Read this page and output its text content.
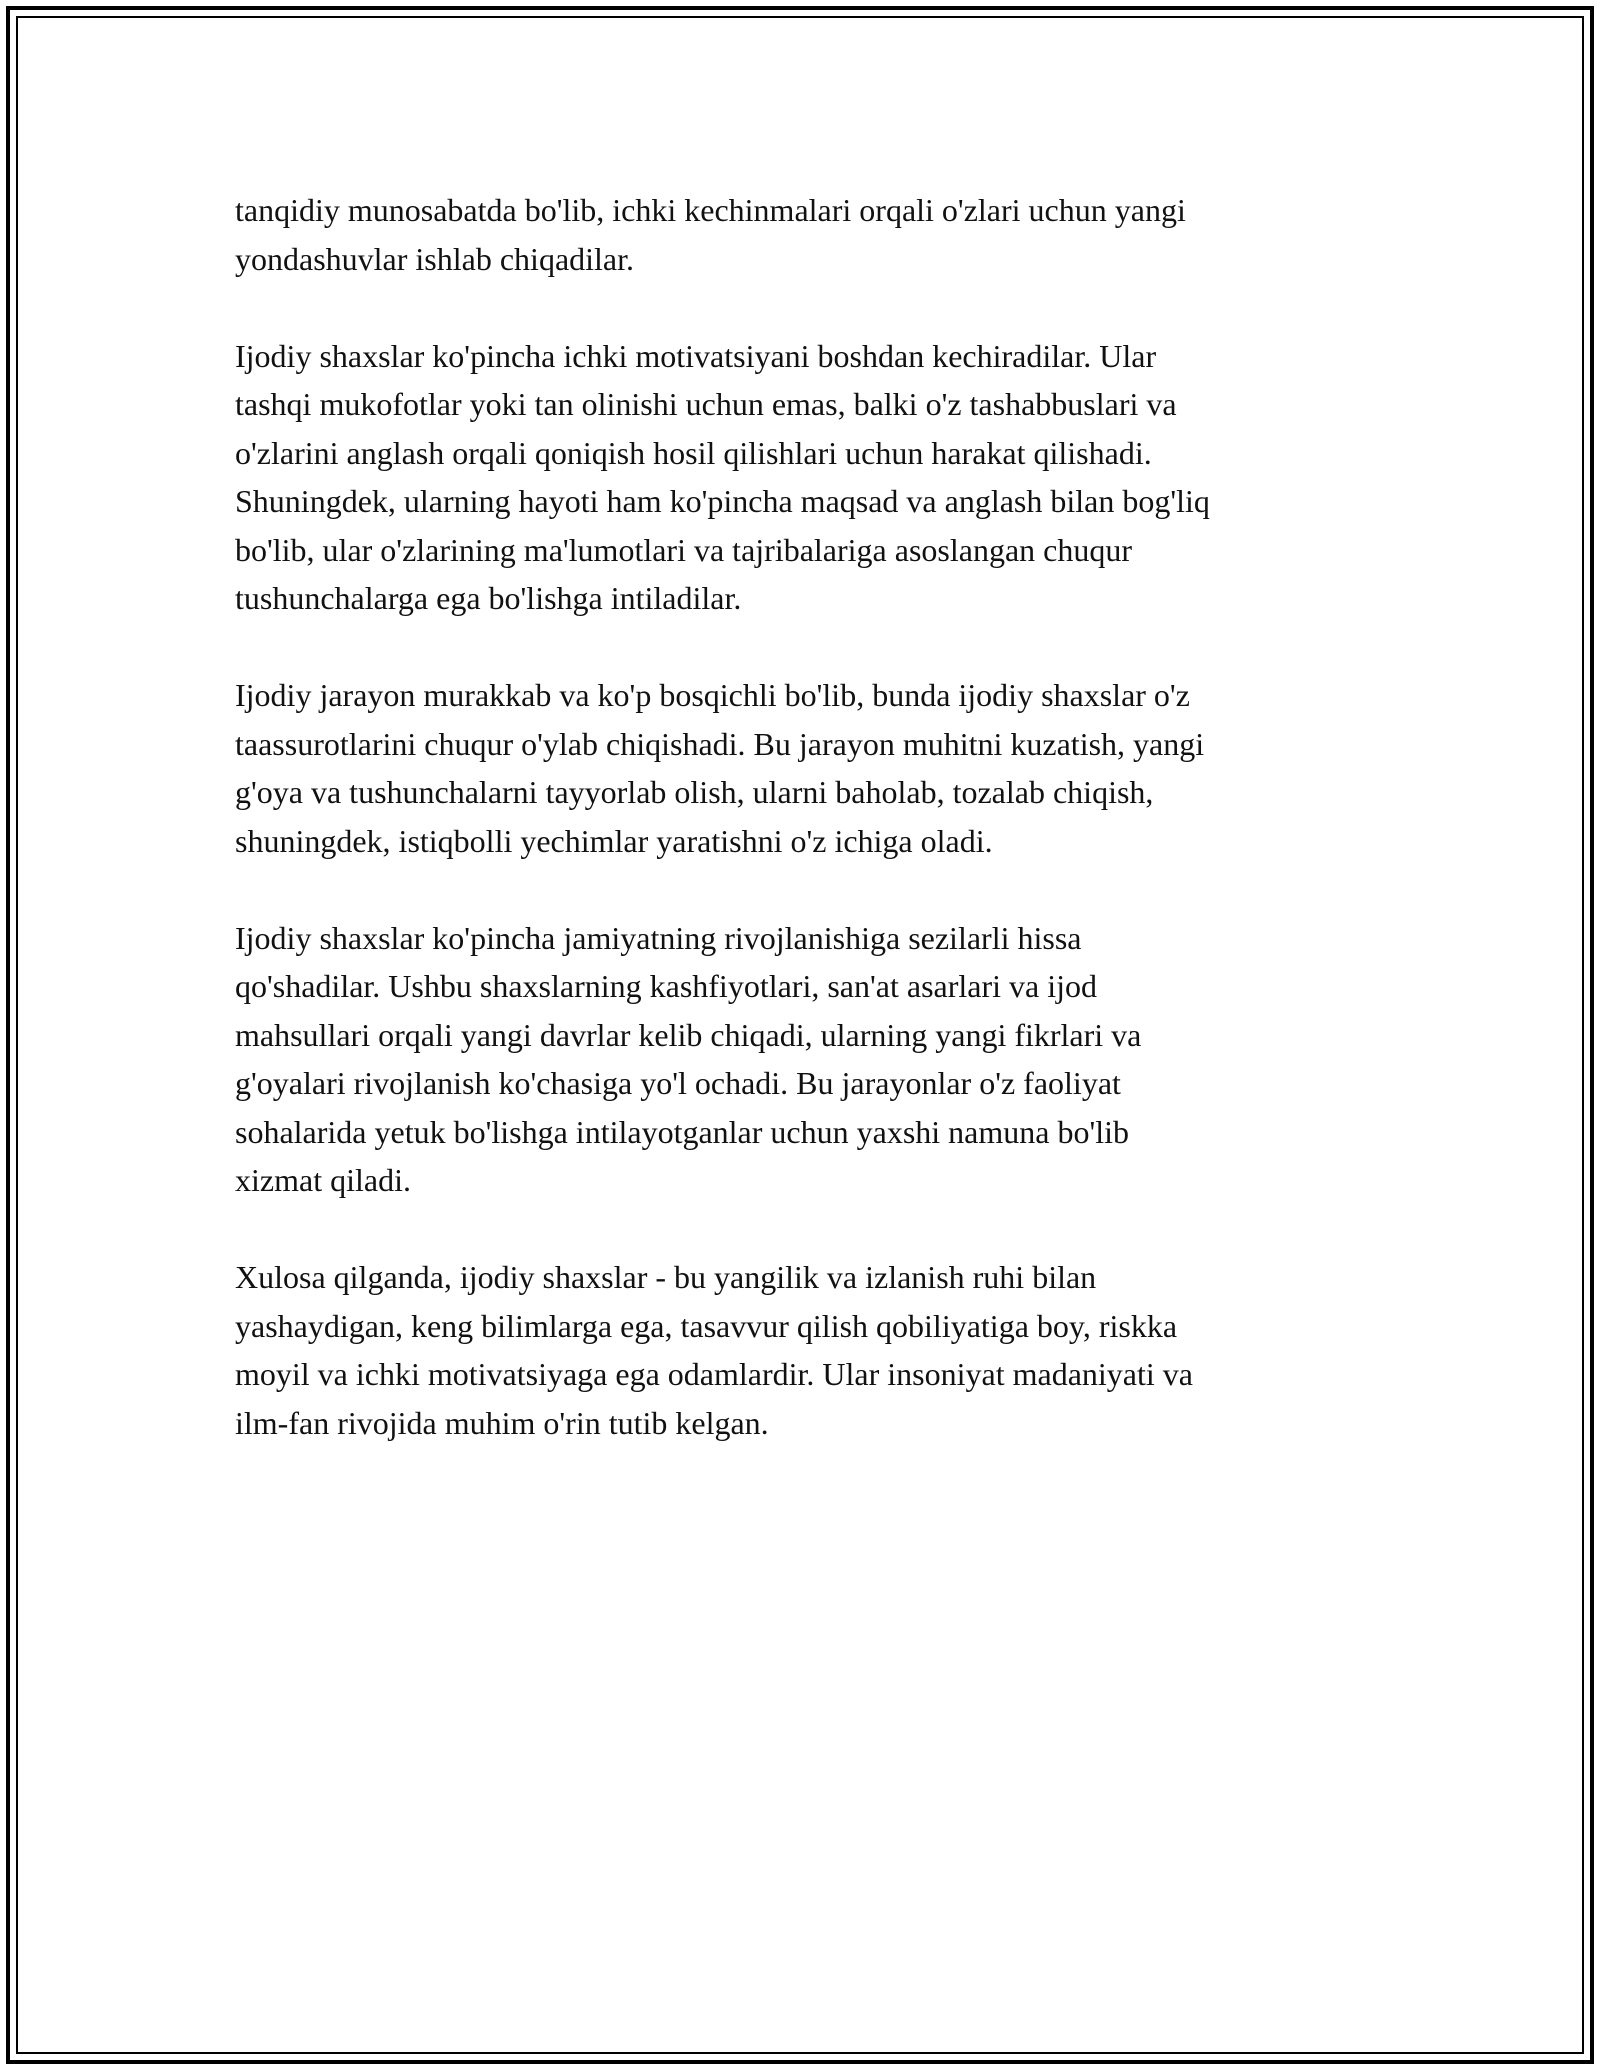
tanqidiy munosabatda bo'lib, ichki kechinmalari orqali o'zlari uchun yangi
yondashuvlar ishlab chiqadilar.

Ijodiy shaxslar ko'pincha ichki motivatsiyani boshdan kechiradilar. Ular
tashqi mukofotlar yoki tan olinishi uchun emas, balki o'z tashabbuslari va
o'zlarini anglash orqali qoniqish hosil qilishlari uchun harakat qilishadi.
Shuningdek, ularning hayoti ham ko'pincha maqsad va anglash bilan bog'liq
bo'lib, ular o'zlarining ma'lumotlari va tajribalariga asoslangan chuqur
tushunchalarga ega bo'lishga intiladilar.

Ijodiy jarayon murakkab va ko'p bosqichli bo'lib, bunda ijodiy shaxslar o'z
taassurotlarini chuqur o'ylab chiqishadi. Bu jarayon muhitni kuzatish, yangi
g'oya va tushunchalarni tayyorlab olish, ularni baholab, tozalab chiqish,
shuningdek, istiqbolli yechimlar yaratishni o'z ichiga oladi.

Ijodiy shaxslar ko'pincha jamiyatning rivojlanishiga sezilarli hissa
qo'shadilar. Ushbu shaxslarning kashfiyotlari, san'at asarlari va ijod
mahsullari orqali yangi davrlar kelib chiqadi, ularning yangi fikrlari va
g'oyalari rivojlanish ko'chasiga yo'l ochadi. Bu jarayonlar o'z faoliyat
sohalarida yetuk bo'lishga intilayotganlar uchun yaxshi namuna bo'lib
xizmat qiladi.

Xulosa qilganda, ijodiy shaxslar - bu yangilik va izlanish ruhi bilan
yashaydigan, keng bilimlarga ega, tasavvur qilish qobiliyatiga boy, riskka
moyil va ichki motivatsiyaga ega odamlardir. Ular insoniyat madaniyati va
ilm-fan rivojida muhim o'rin tutib kelgan.
